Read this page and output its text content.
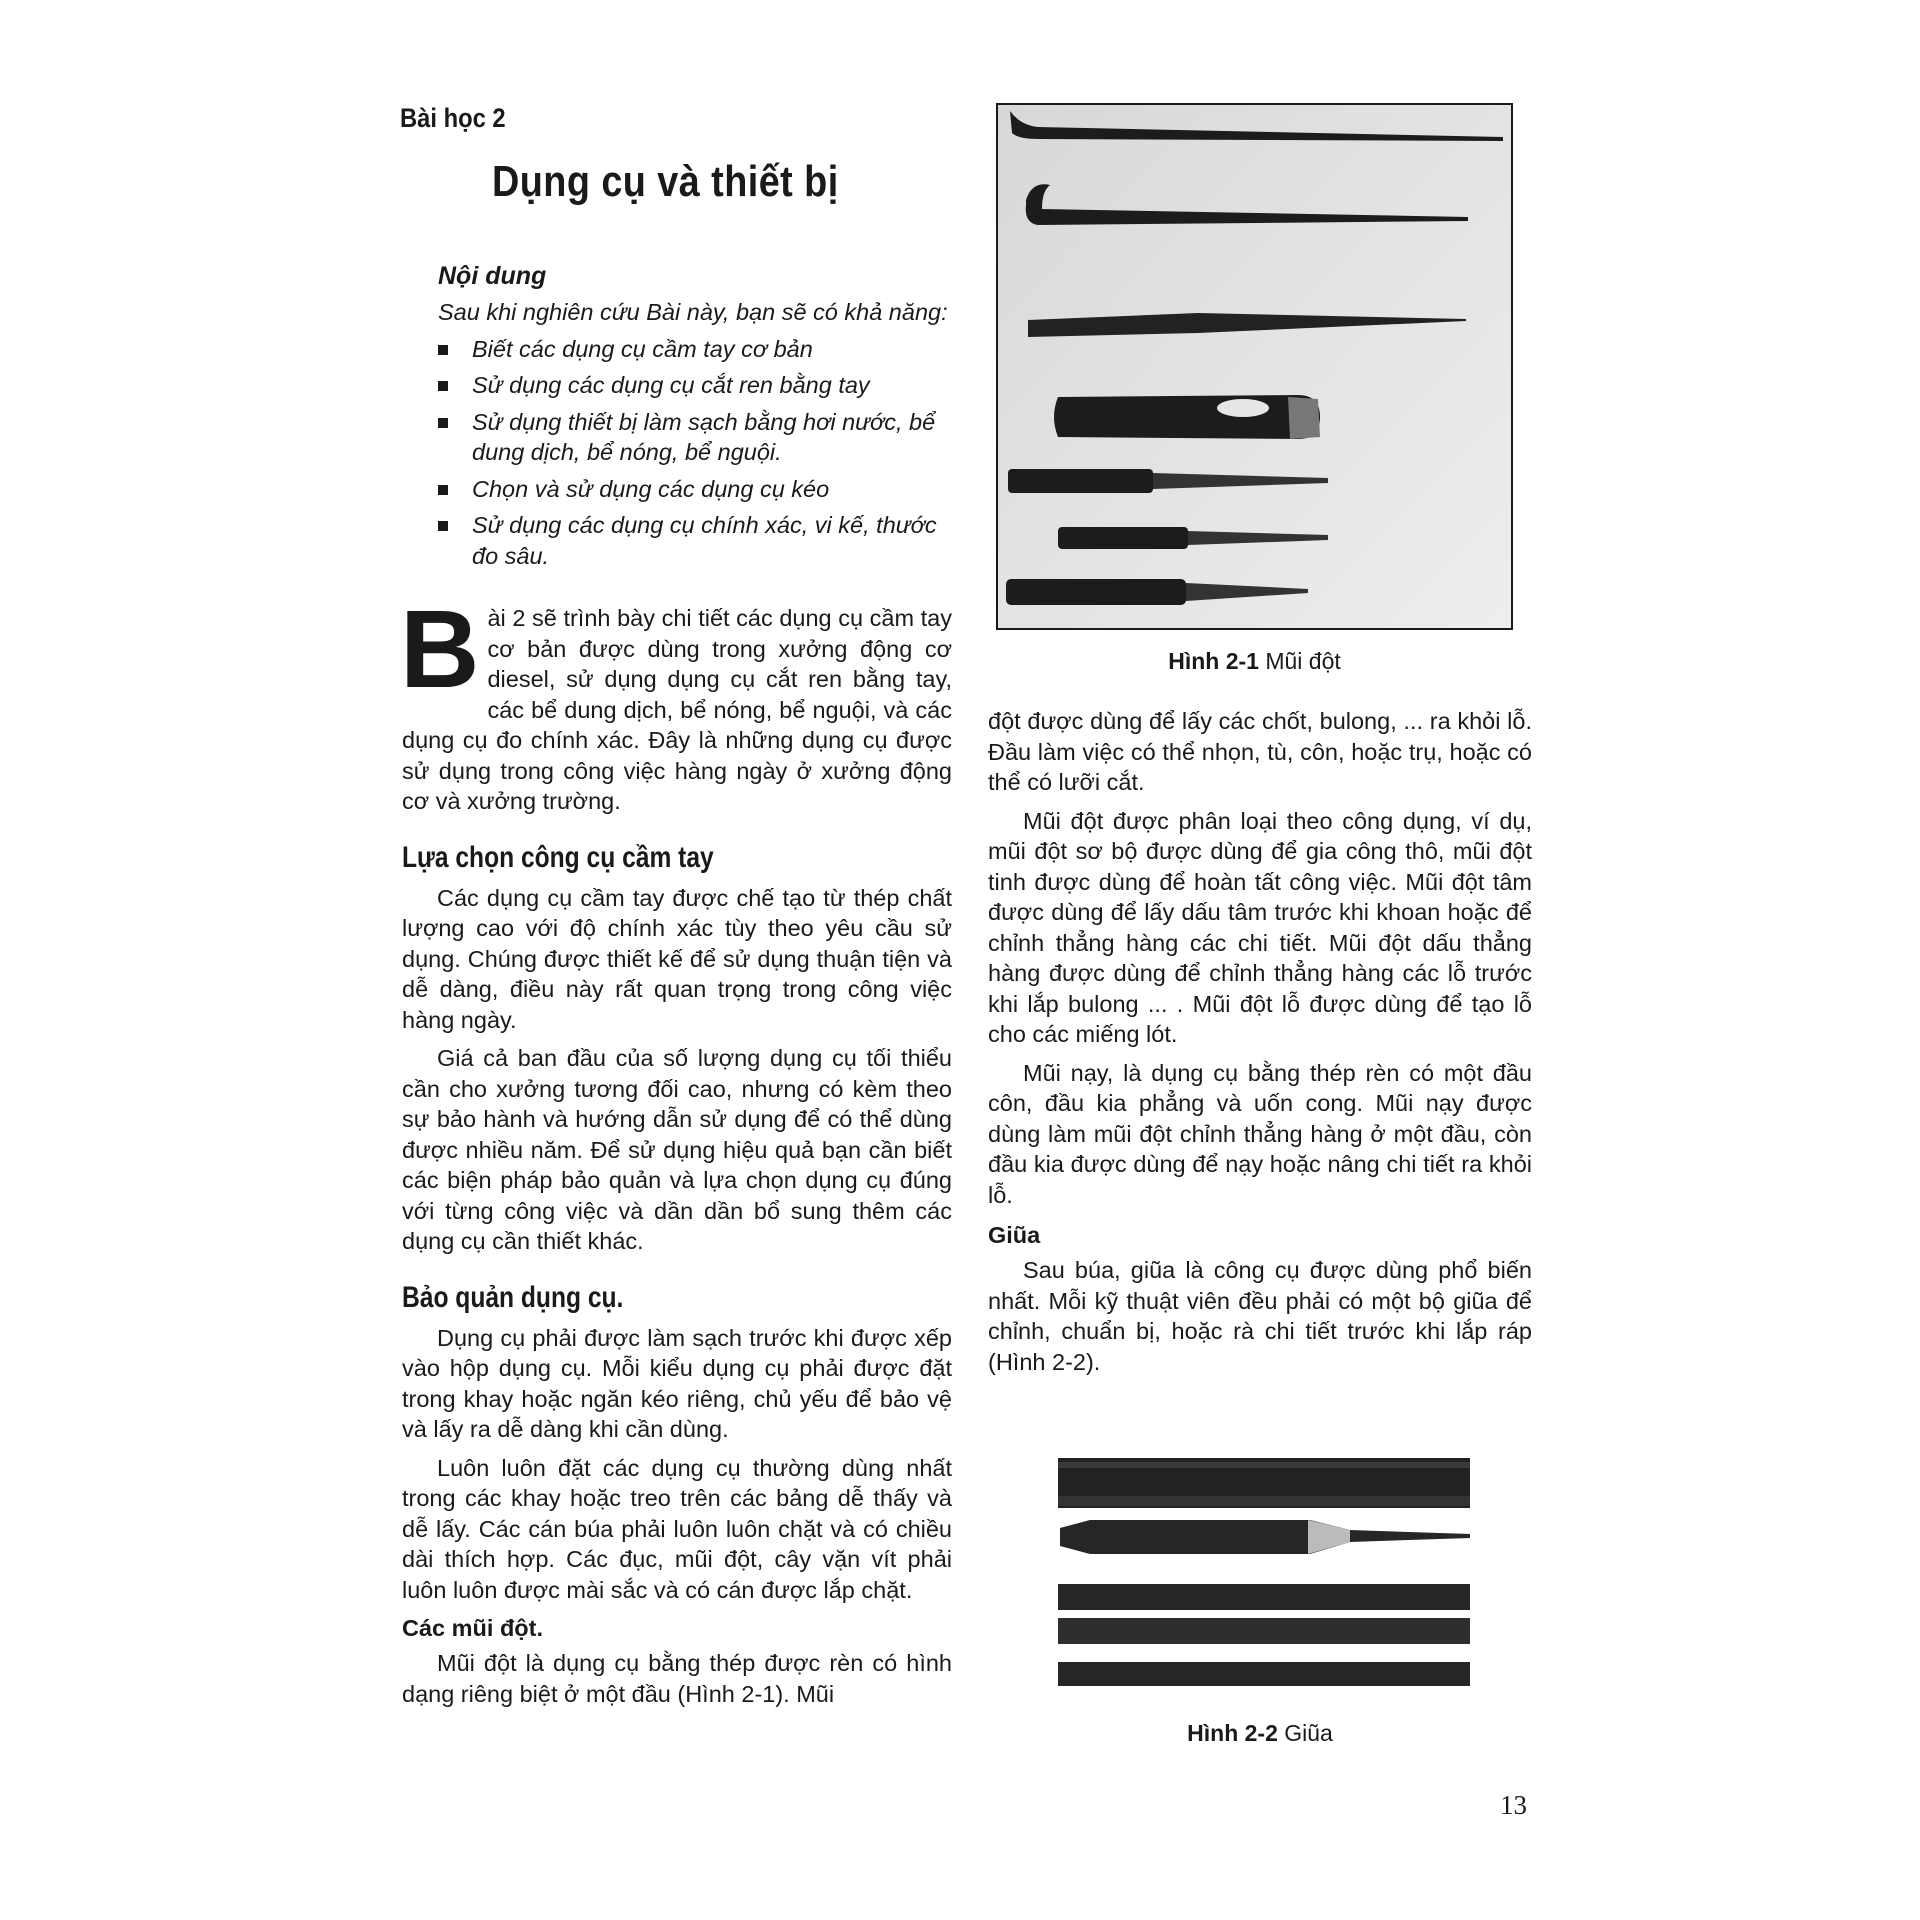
Bài học 2
Dụng cụ và thiết bị
Nội dung
Sau khi nghiên cứu Bài này, bạn sẽ có khả năng:
Biết các dụng cụ cầm tay cơ bản
Sử dụng các dụng cụ cắt ren bằng tay
Sử dụng thiết bị làm sạch bằng hơi nước, bể dung dịch, bể nóng, bể nguội.
Chọn và sử dụng các dụng cụ kéo
Sử dụng các dụng cụ chính xác, vi kế, thước đo sâu.
Bài 2 sẽ trình bày chi tiết các dụng cụ cầm tay cơ bản được dùng trong xưởng động cơ diesel, sử dụng dụng cụ cắt ren bằng tay, các bể dung dịch, bể nóng, bể nguội, và các dụng cụ đo chính xác. Đây là những dụng cụ được sử dụng trong công việc hàng ngày ở xưởng động cơ và xưởng trường.
Lựa chọn công cụ cầm tay

Các dụng cụ cầm tay được chế tạo từ thép chất lượng cao với độ chính xác tùy theo yêu cầu sử dụng. Chúng được thiết kế để sử dụng thuận tiện và dễ dàng, điều này rất quan trọng trong công việc hàng ngày.

Giá cả ban đầu của số lượng dụng cụ tối thiểu cần cho xưởng tương đối cao, nhưng có kèm theo sự bảo hành và hướng dẫn sử dụng để có thể dùng được nhiều năm. Để sử dụng hiệu quả bạn cần biết các biện pháp bảo quản và lựa chọn dụng cụ đúng với từng công việc và dần dần bổ sung thêm các dụng cụ cần thiết khác.

Bảo quản dụng cụ.

Dụng cụ phải được làm sạch trước khi được xếp vào hộp dụng cụ. Mỗi kiểu dụng cụ phải được đặt trong khay hoặc ngăn kéo riêng, chủ yếu để bảo vệ và lấy ra dễ dàng khi cần dùng.

Luôn luôn đặt các dụng cụ thường dùng nhất trong các khay hoặc treo trên các bảng dễ thấy và dễ lấy. Các cán búa phải luôn luôn chặt và có chiều dài thích hợp. Các đục, mũi đột, cây vặn vít phải luôn luôn được mài sắc và có cán được lắp chặt.

Các mũi đột.

Mũi đột là dụng cụ bằng thép được rèn có hình dạng riêng biệt ở một đầu (Hình 2-1). Mũi

Hình 2-1 Mũi đột

đột được dùng để lấy các chốt, bulong, ... ra khỏi lỗ. Đầu làm việc có thể nhọn, tù, côn, hoặc trụ, hoặc có thể có lưỡi cắt.

Mũi đột được phân loại theo công dụng, ví dụ, mũi đột sơ bộ được dùng để gia công thô, mũi đột tinh được dùng để hoàn tất công việc. Mũi đột tâm được dùng để lấy dấu tâm trước khi khoan hoặc để chỉnh thẳng hàng các chi tiết. Mũi đột dấu thẳng hàng được dùng để chỉnh thẳng hàng các lỗ trước khi lắp bulong ... . Mũi đột lỗ được dùng để tạo lỗ cho các miếng lót.

Mũi nạy, là dụng cụ bằng thép rèn có một đầu côn, đầu kia phẳng và uốn cong. Mũi nạy được dùng làm mũi đột chỉnh thẳng hàng ở một đầu, còn đầu kia được dùng để nạy hoặc nâng chi tiết ra khỏi lỗ.

Giũa

Sau búa, giũa là công cụ được dùng phổ biến nhất. Mỗi kỹ thuật viên đều phải có một bộ giũa để chỉnh, chuẩn bị, hoặc rà chi tiết trước khi lắp ráp (Hình 2-2).

Hình 2-2 Giũa
13
